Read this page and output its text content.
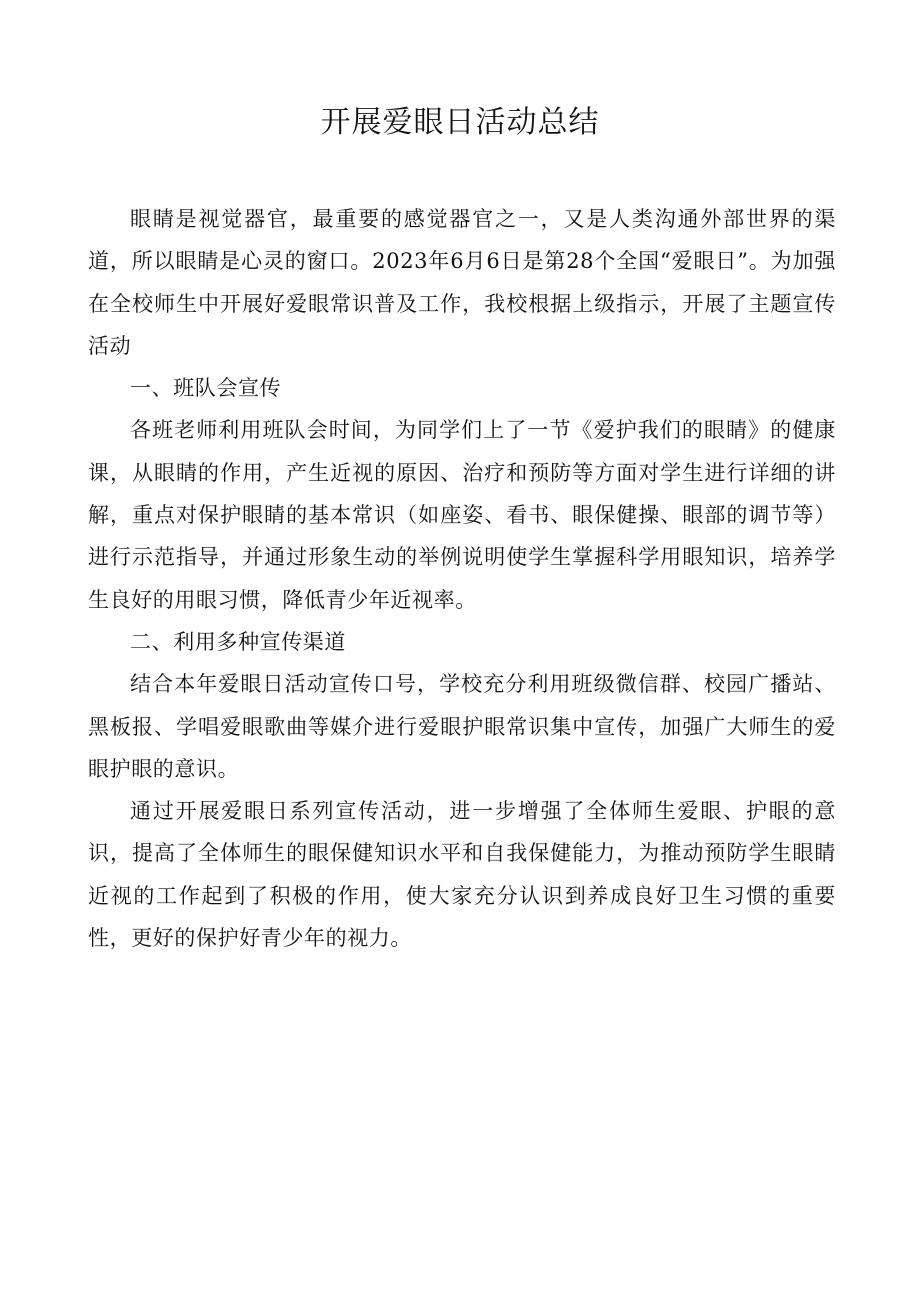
开展爱眼日活动总结

眼睛是视觉器官，最重要的感觉器官之一，又是人类沟通外部世界的渠道，所以眼睛是心灵的窗口。2023年6月6日是第28个全国“爱眼日”。为加强在全校师生中开展好爱眼常识普及工作，我校根据上级指示，开展了主题宣传活动

一、班队会宣传

各班老师利用班队会时间，为同学们上了一节《爱护我们的眼睛》的健康课，从眼睛的作用，产生近视的原因、治疗和预防等方面对学生进行详细的讲解，重点对保护眼睛的基本常识（如座姿、看书、眼保健操、眼部的调节等）进行示范指导，并通过形象生动的举例说明使学生掌握科学用眼知识，培养学生良好的用眼习惯，降低青少年近视率。

二、利用多种宣传渠道

结合本年爱眼日活动宣传口号，学校充分利用班级微信群、校园广播站、黑板报、学唱爱眼歌曲等媒介进行爱眼护眼常识集中宣传，加强广大师生的爱眼护眼的意识。

通过开展爱眼日系列宣传活动，进一步增强了全体师生爱眼、护眼的意识，提高了全体师生的眼保健知识水平和自我保健能力，为推动预防学生眼睛近视的工作起到了积极的作用，使大家充分认识到养成良好卫生习惯的重要性，更好的保护好青少年的视力。
